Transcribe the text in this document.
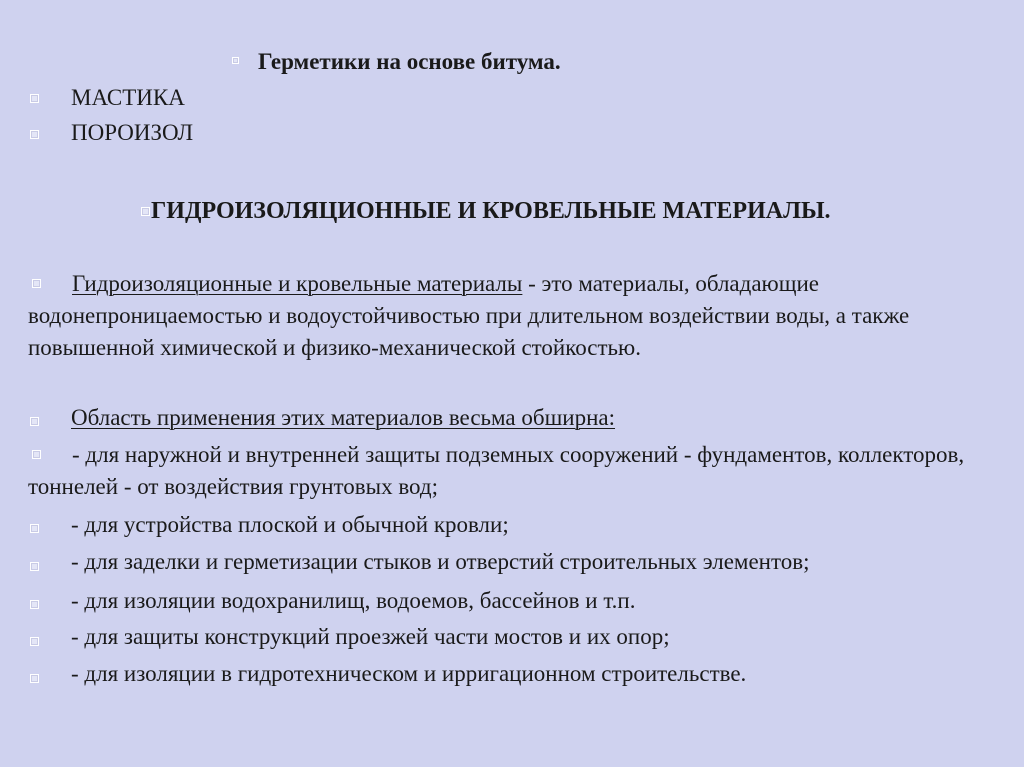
Герметики на основе битума.
МАСТИКА
ПОРОИЗОЛ
ГИДРОИЗОЛЯЦИОННЫЕ И КРОВЕЛЬНЫЕ МАТЕРИАЛЫ.
Гидроизоляционные и кровельные материалы - это материалы, обладающие водонепроницаемостью и водоустойчивостью при длительном воздействии воды, а также повышенной химической и физико-механической стойкостью.
Область применения этих материалов весьма обширна:
- для наружной и внутренней защиты подземных сооружений - фундаментов, коллекторов, тоннелей - от воздействия грунтовых вод;
- для устройства плоской и обычной кровли;
- для заделки и герметизации стыков и отверстий строительных элементов;
- для изоляции водохранилищ, водоемов, бассейнов и т.п.
- для защиты конструкций проезжей части мостов и их опор;
- для изоляции в гидротехническом и ирригационном строительстве.
